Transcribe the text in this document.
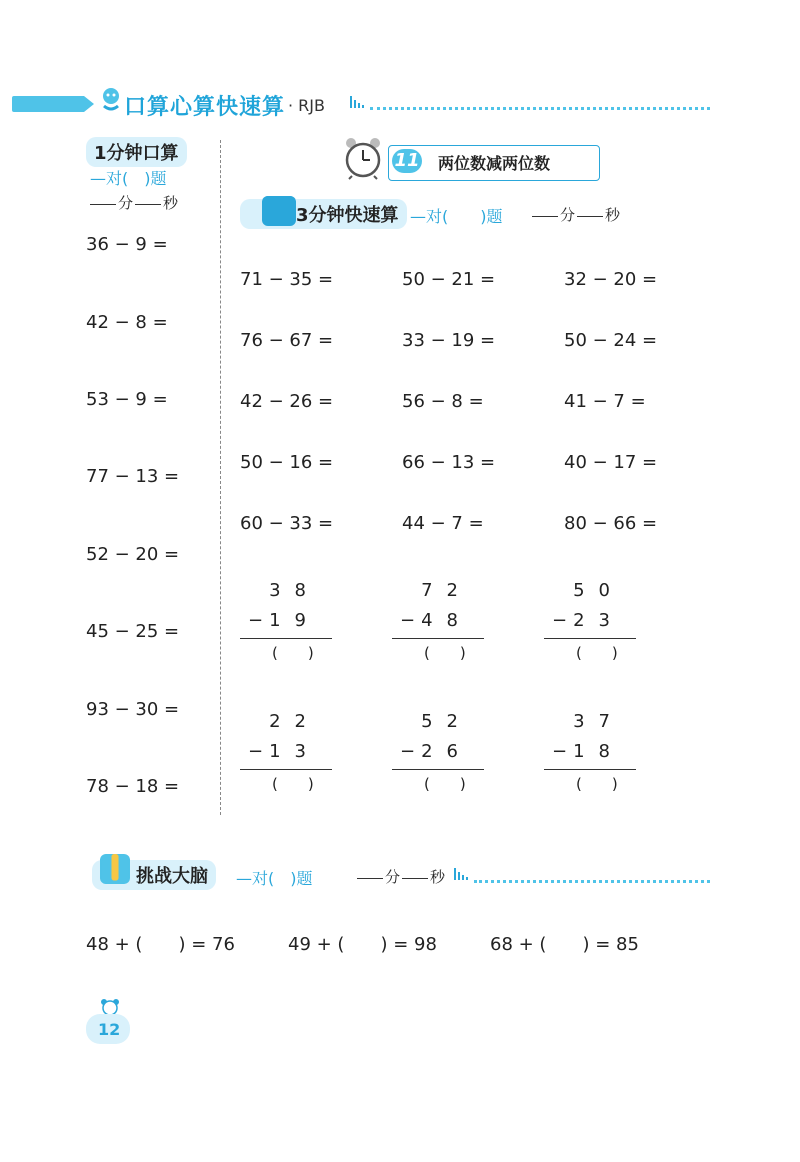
口算心算快速算 · RJB
1分钟口算
—对(　)题
分 秒
36 − 9 =
42 − 8 =
53 − 9 =
77 − 13 =
52 − 20 =
45 − 25 =
93 − 30 =
78 − 18 =
11 两位数减两位数
3分钟快速算 —对(　　)题	分 秒
71 − 35 =	50 − 21 =	32 − 20 =
76 − 67 =	33 − 19 =	50 − 24 =
42 − 26 =	56 − 8 =	41 − 7 =
50 − 16 =	66 − 13 =	40 − 17 =
60 − 33 =	44 − 7 =	80 − 66 =
38
− 19
(　　)
72
− 48
(　　)
50
− 23
(　　)
22
− 13
(　　)
52
− 26
(　　)
37
− 18
(　　)
挑战大脑	—对(　)题	分 秒
48 + (　　) = 76	49 + (　　) = 98	68 + (　　) = 85
12
